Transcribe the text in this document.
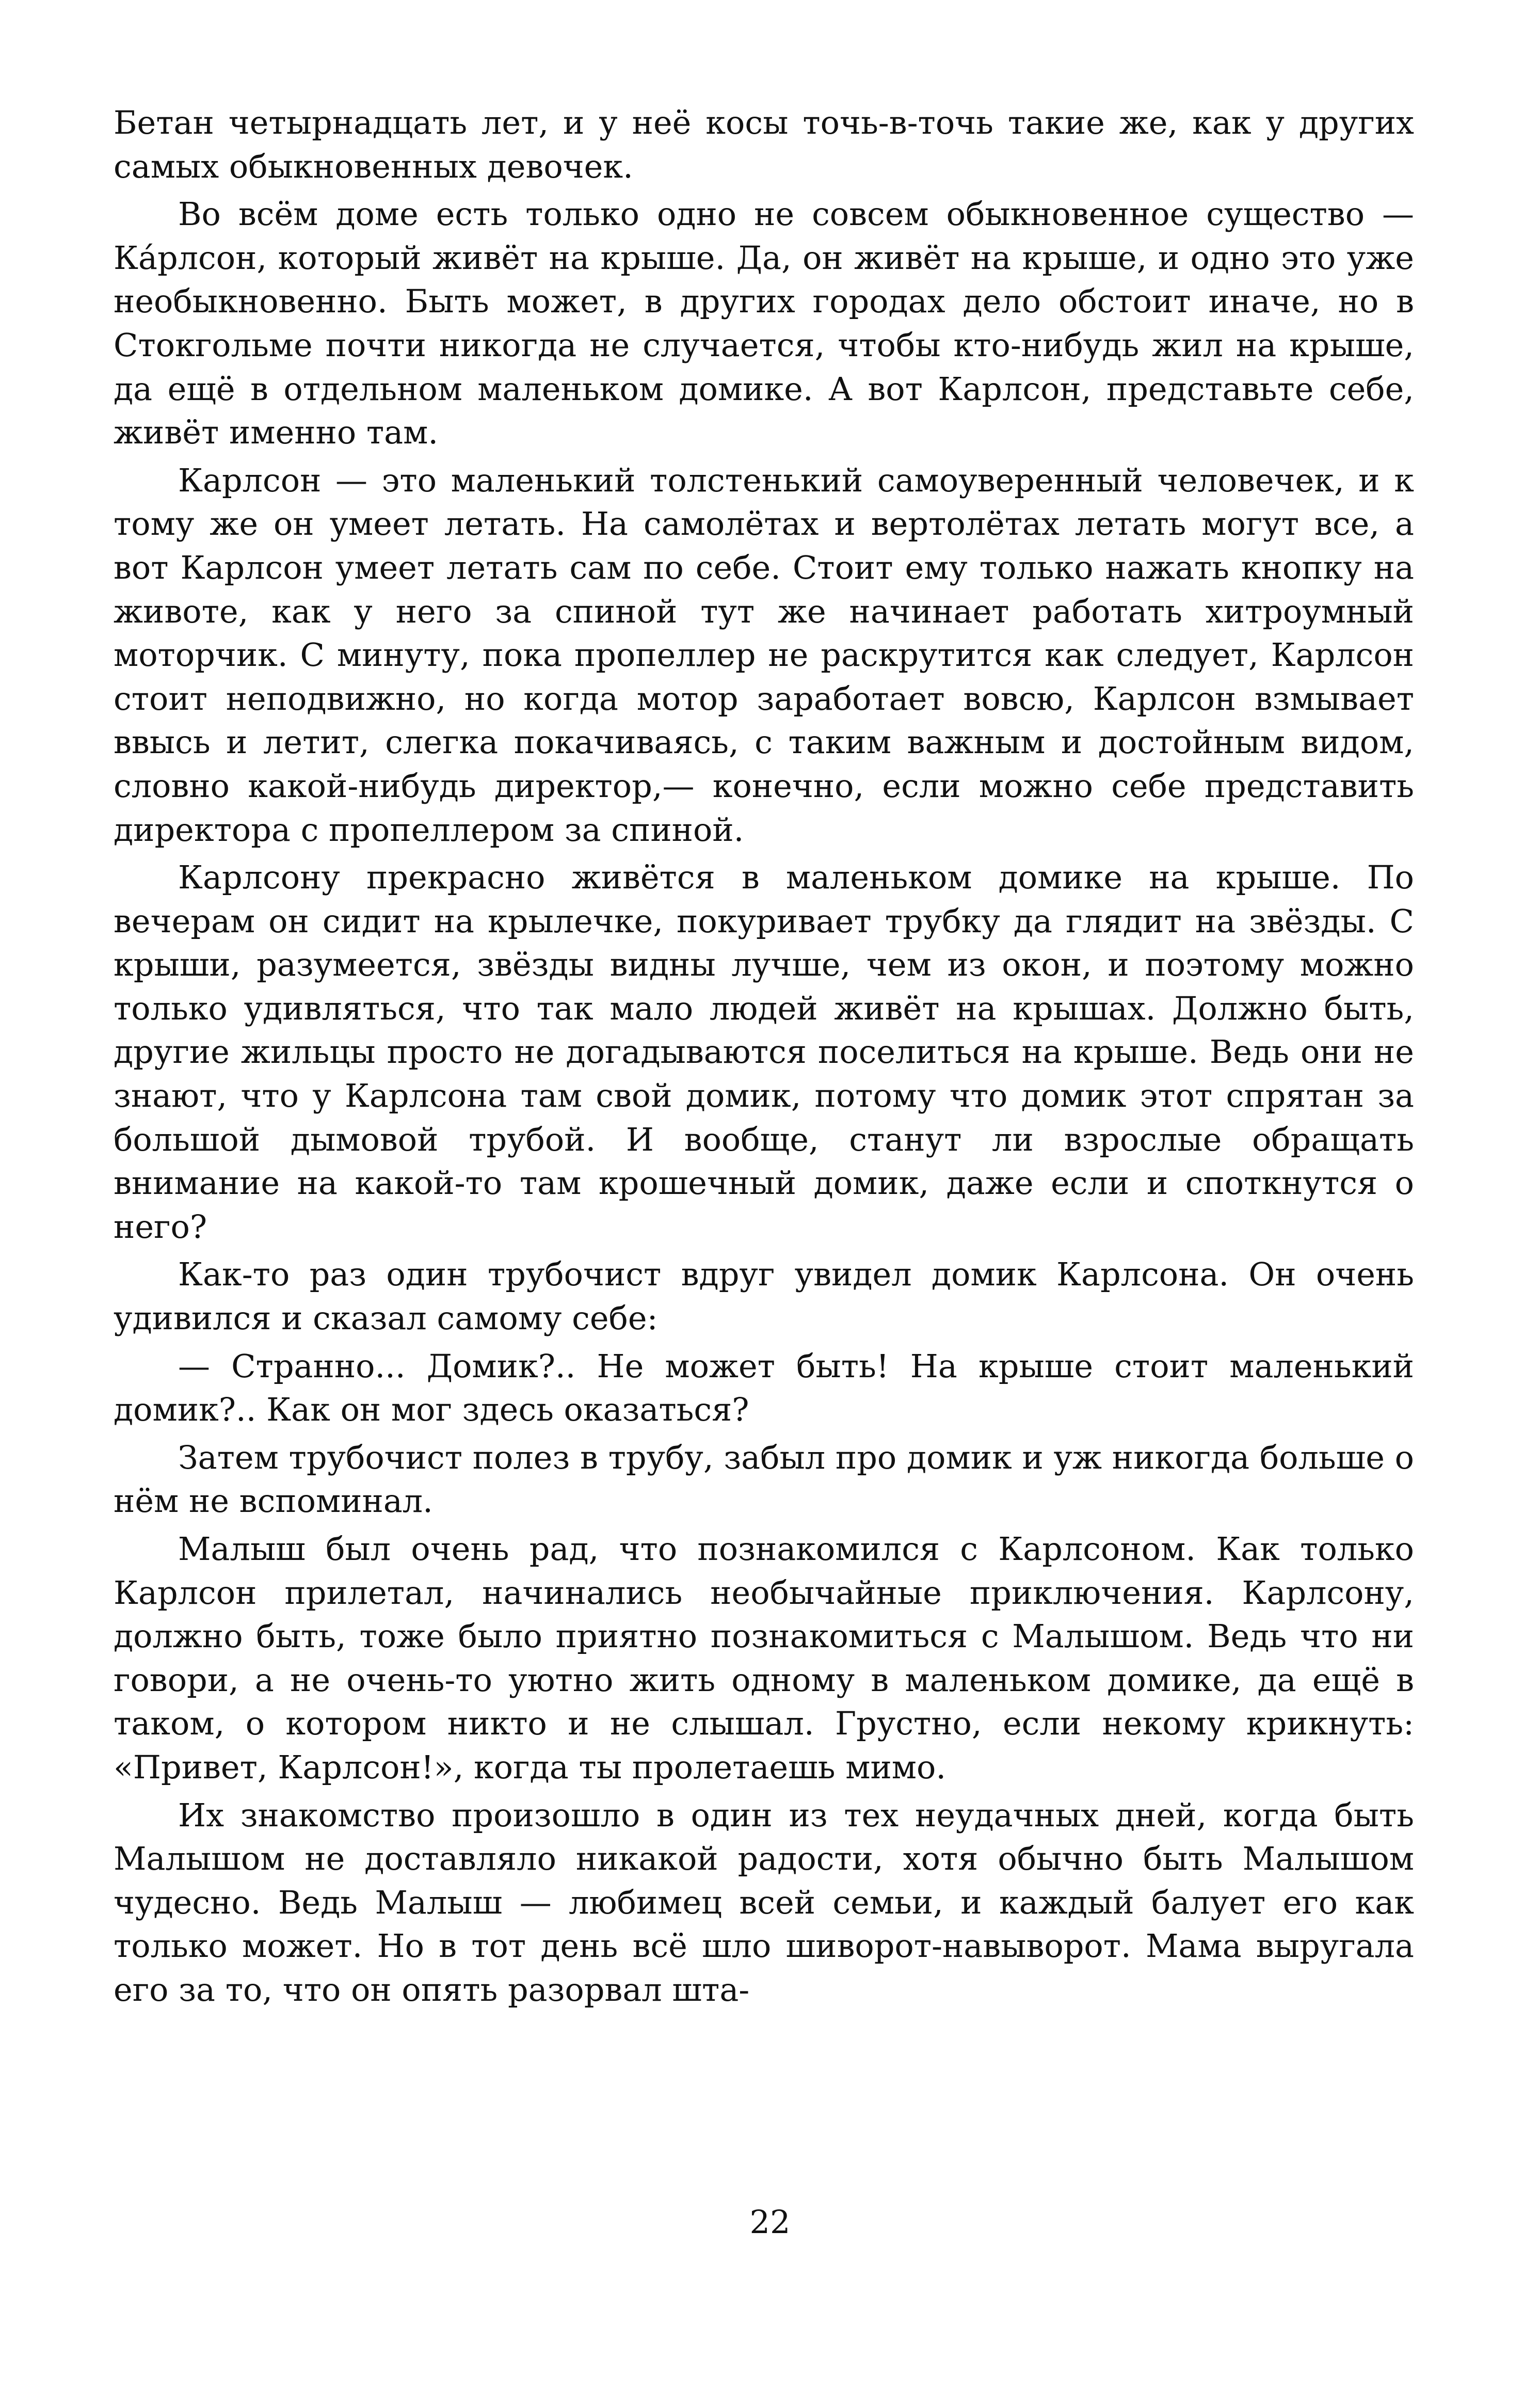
Бетан четырнадцать лет, и у неё косы точь-в-точь такие же, как у других самых обыкновенных девочек.

Во всём доме есть только одно не совсем обыкновенное существо — Ка́рлсон, который живёт на крыше. Да, он живёт на крыше, и одно это уже необыкновенно. Быть может, в других городах дело обстоит иначе, но в Стокгольме почти никогда не случается, чтобы кто-нибудь жил на крыше, да ещё в отдельном маленьком домике. А вот Карлсон, представьте себе, живёт именно там.

Карлсон — это маленький толстенький самоуверенный человечек, и к тому же он умеет летать. На самолётах и вертолётах летать могут все, а вот Карлсон умеет летать сам по себе. Стоит ему только нажать кнопку на животе, как у него за спиной тут же начинает работать хитроумный моторчик. С минуту, пока пропеллер не раскрутится как следует, Карлсон стоит неподвижно, но когда мотор заработает вовсю, Карлсон взмывает ввысь и летит, слегка покачиваясь, с таким важным и достойным видом, словно какой-нибудь директор,— конечно, если можно себе представить директора с пропеллером за спиной.

Карлсону прекрасно живётся в маленьком домике на крыше. По вечерам он сидит на крылечке, покуривает трубку да глядит на звёзды. С крыши, разумеется, звёзды видны лучше, чем из окон, и поэтому можно только удивляться, что так мало людей живёт на крышах. Должно быть, другие жильцы просто не догадываются поселиться на крыше. Ведь они не знают, что у Карлсона там свой домик, потому что домик этот спрятан за большой дымовой трубой. И вообще, станут ли взрослые обращать внимание на какой-то там крошечный домик, даже если и споткнутся о него?

Как-то раз один трубочист вдруг увидел домик Карлсона. Он очень удивился и сказал самому себе:

— Странно... Домик?.. Не может быть! На крыше стоит маленький домик?.. Как он мог здесь оказаться?

Затем трубочист полез в трубу, забыл про домик и уж никогда больше о нём не вспоминал.

Малыш был очень рад, что познакомился с Карлсоном. Как только Карлсон прилетал, начинались необычайные приключения. Карлсону, должно быть, тоже было приятно познакомиться с Малышом. Ведь что ни говори, а не очень-то уютно жить одному в маленьком домике, да ещё в таком, о котором никто и не слышал. Грустно, если некому крикнуть: «Привет, Карлсон!», когда ты пролетаешь мимо.

Их знакомство произошло в один из тех неудачных дней, когда быть Малышом не доставляло никакой радости, хотя обычно быть Малышом чудесно. Ведь Малыш — любимец всей семьи, и каждый балует его как только может. Но в тот день всё шло шиворот-навыворот. Мама выругала его за то, что он опять разорвал шта-

22
